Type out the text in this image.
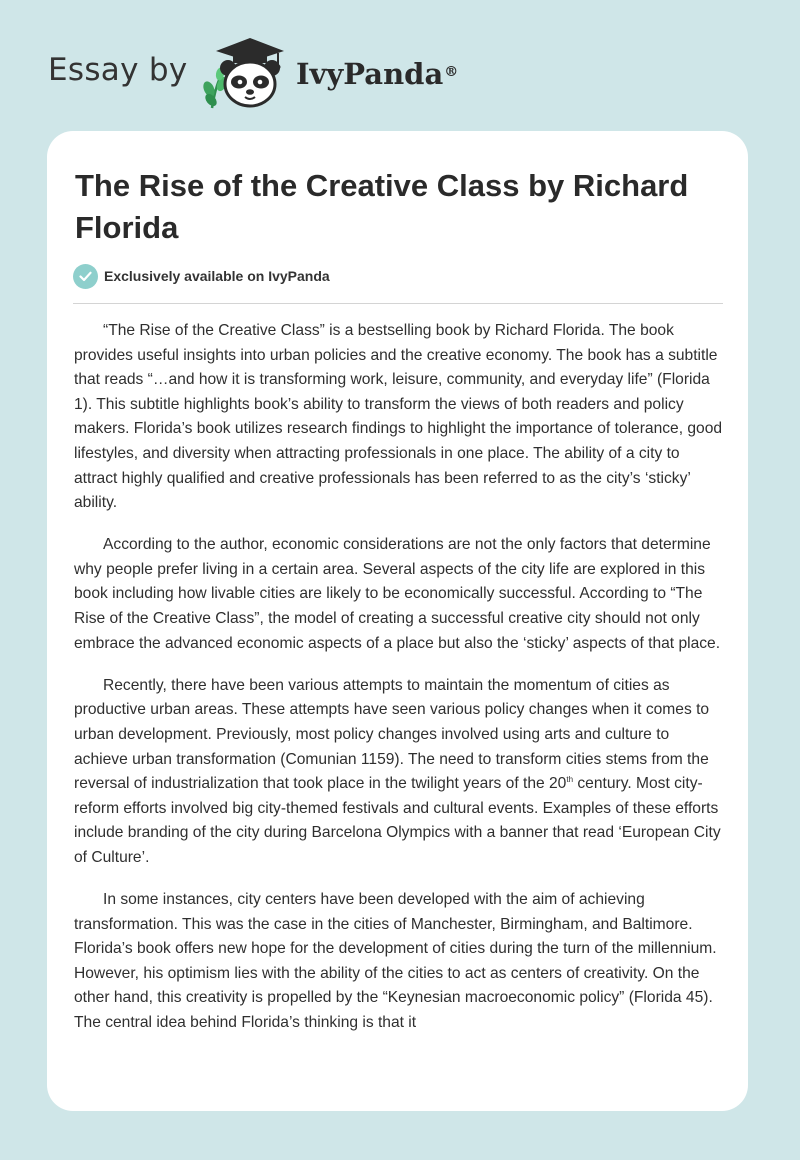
Essay by	IvyPanda®
The Rise of the Creative Class by Richard Florida
Exclusively available on IvyPanda

“The Rise of the Creative Class” is a bestselling book by Richard Florida. The book provides useful insights into urban policies and the creative economy. The book has a subtitle that reads “…and how it is transforming work, leisure, community, and everyday life” (Florida 1). This subtitle highlights book’s ability to transform the views of both readers and policy makers. Florida’s book utilizes research findings to highlight the importance of tolerance, good lifestyles, and diversity when attracting professionals in one place. The ability of a city to attract highly qualified and creative professionals has been referred to as the city’s ‘sticky’ ability.

According to the author, economic considerations are not the only factors that determine why people prefer living in a certain area. Several aspects of the city life are explored in this book including how livable cities are likely to be economically successful. According to “The Rise of the Creative Class”, the model of creating a successful creative city should not only embrace the advanced economic aspects of a place but also the ‘sticky’ aspects of that place.

Recently, there have been various attempts to maintain the momentum of cities as productive urban areas. These attempts have seen various policy changes when it comes to urban development. Previously, most policy changes involved using arts and culture to achieve urban transformation (Comunian 1159). The need to transform cities stems from the reversal of industrialization that took place in the twilight years of the 20th century. Most city-reform efforts involved big city-themed festivals and cultural events. Examples of these efforts include branding of the city during Barcelona Olympics with a banner that read ‘European City of Culture’.

In some instances, city centers have been developed with the aim of achieving transformation. This was the case in the cities of Manchester, Birmingham, and Baltimore. Florida’s book offers new hope for the development of cities during the turn of the millennium. However, his optimism lies with the ability of the cities to act as centers of creativity. On the other hand, this creativity is propelled by the “Keynesian macroeconomic policy” (Florida 45). The central idea behind Florida’s thinking is that it
